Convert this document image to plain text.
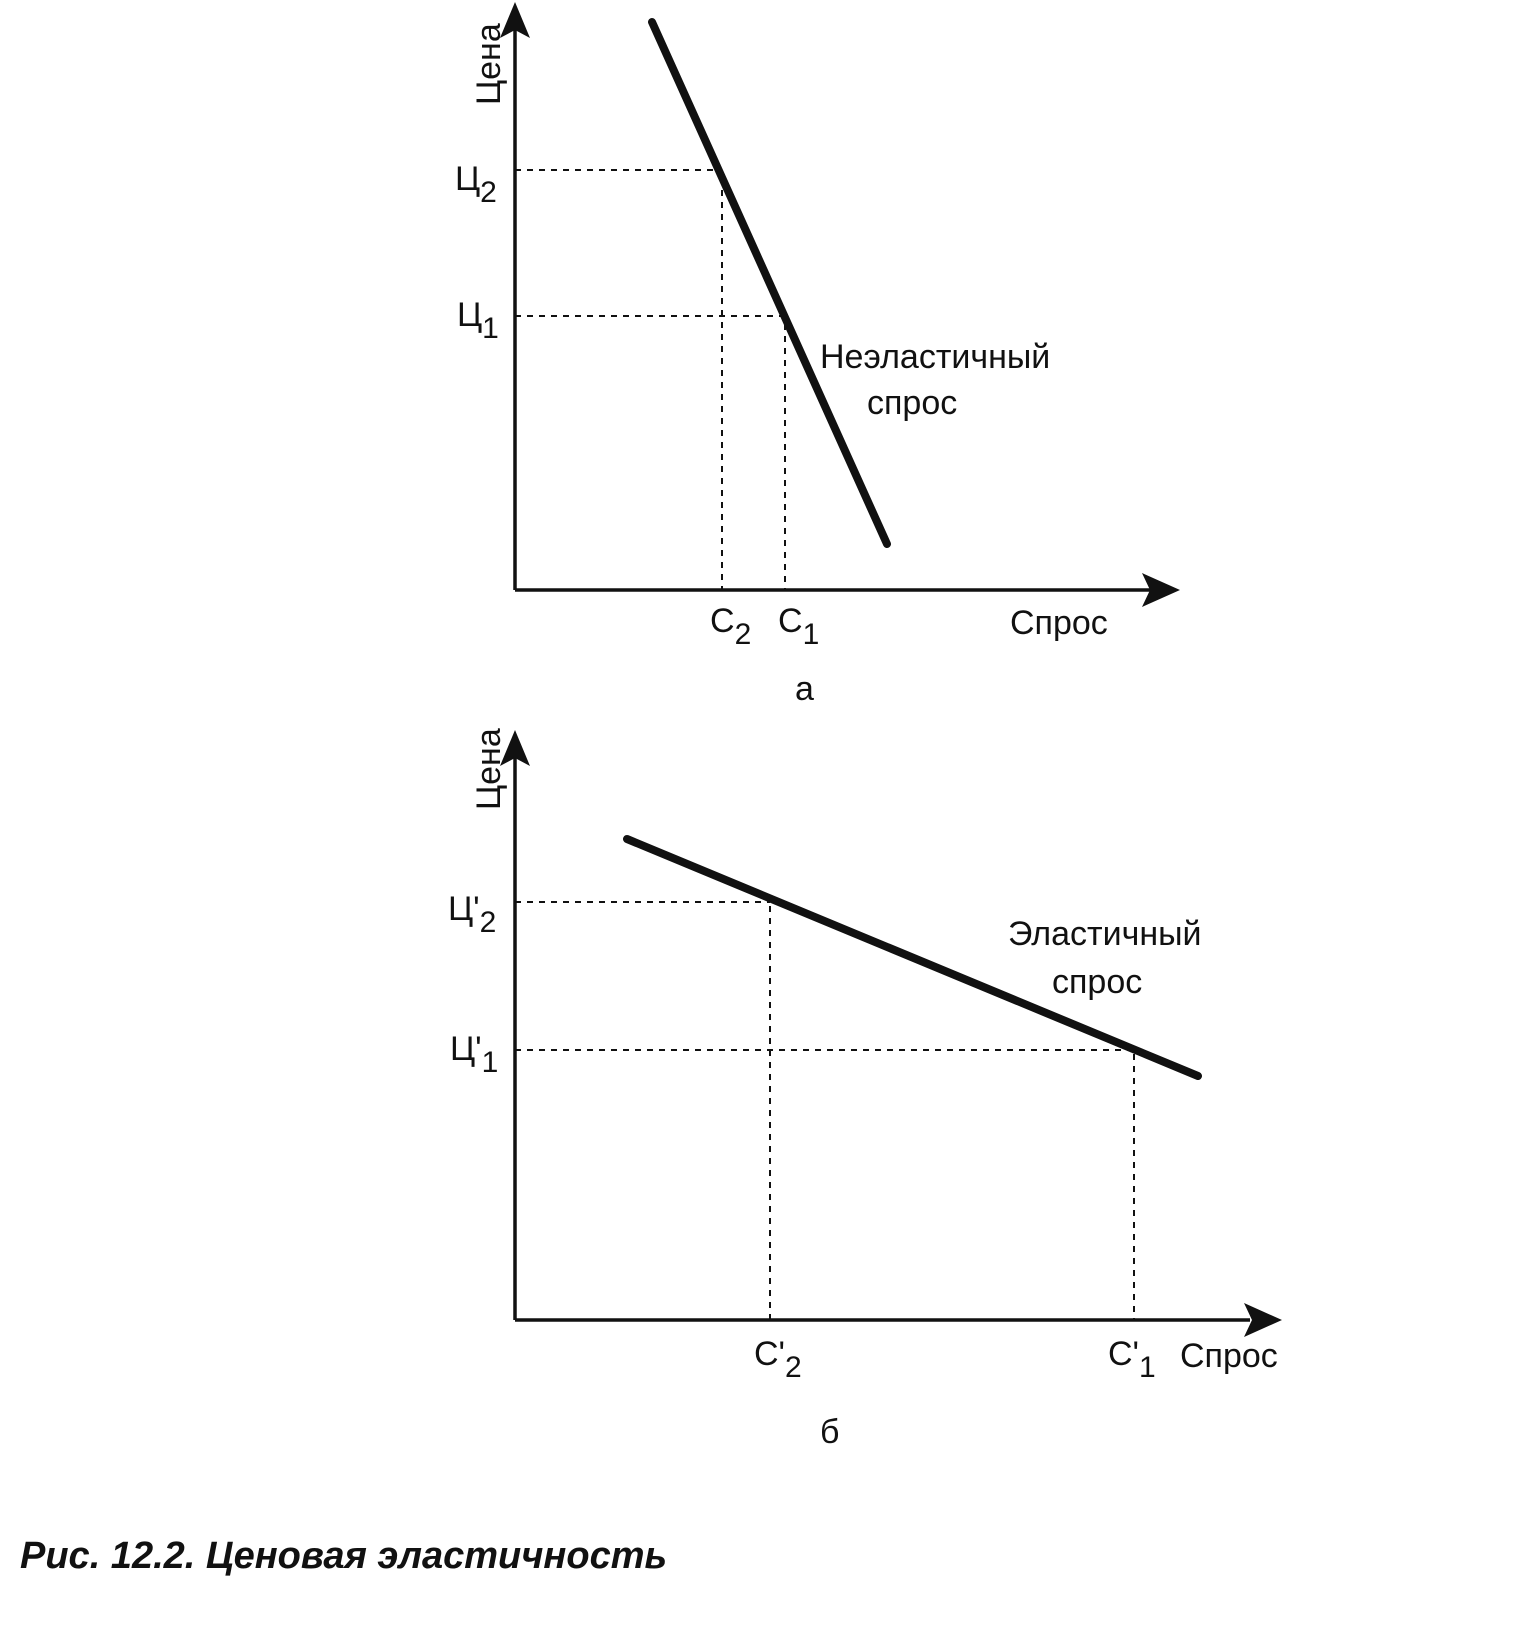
Цена
Ц2
Ц1
С2 С1	Спрос
Неэластичный
спрос
а
Цена
Ц'2
Ц'1
С'2	С'1 Спрос
Эластичный
спрос
б
Рис. 12.2. Ценовая эластичность
